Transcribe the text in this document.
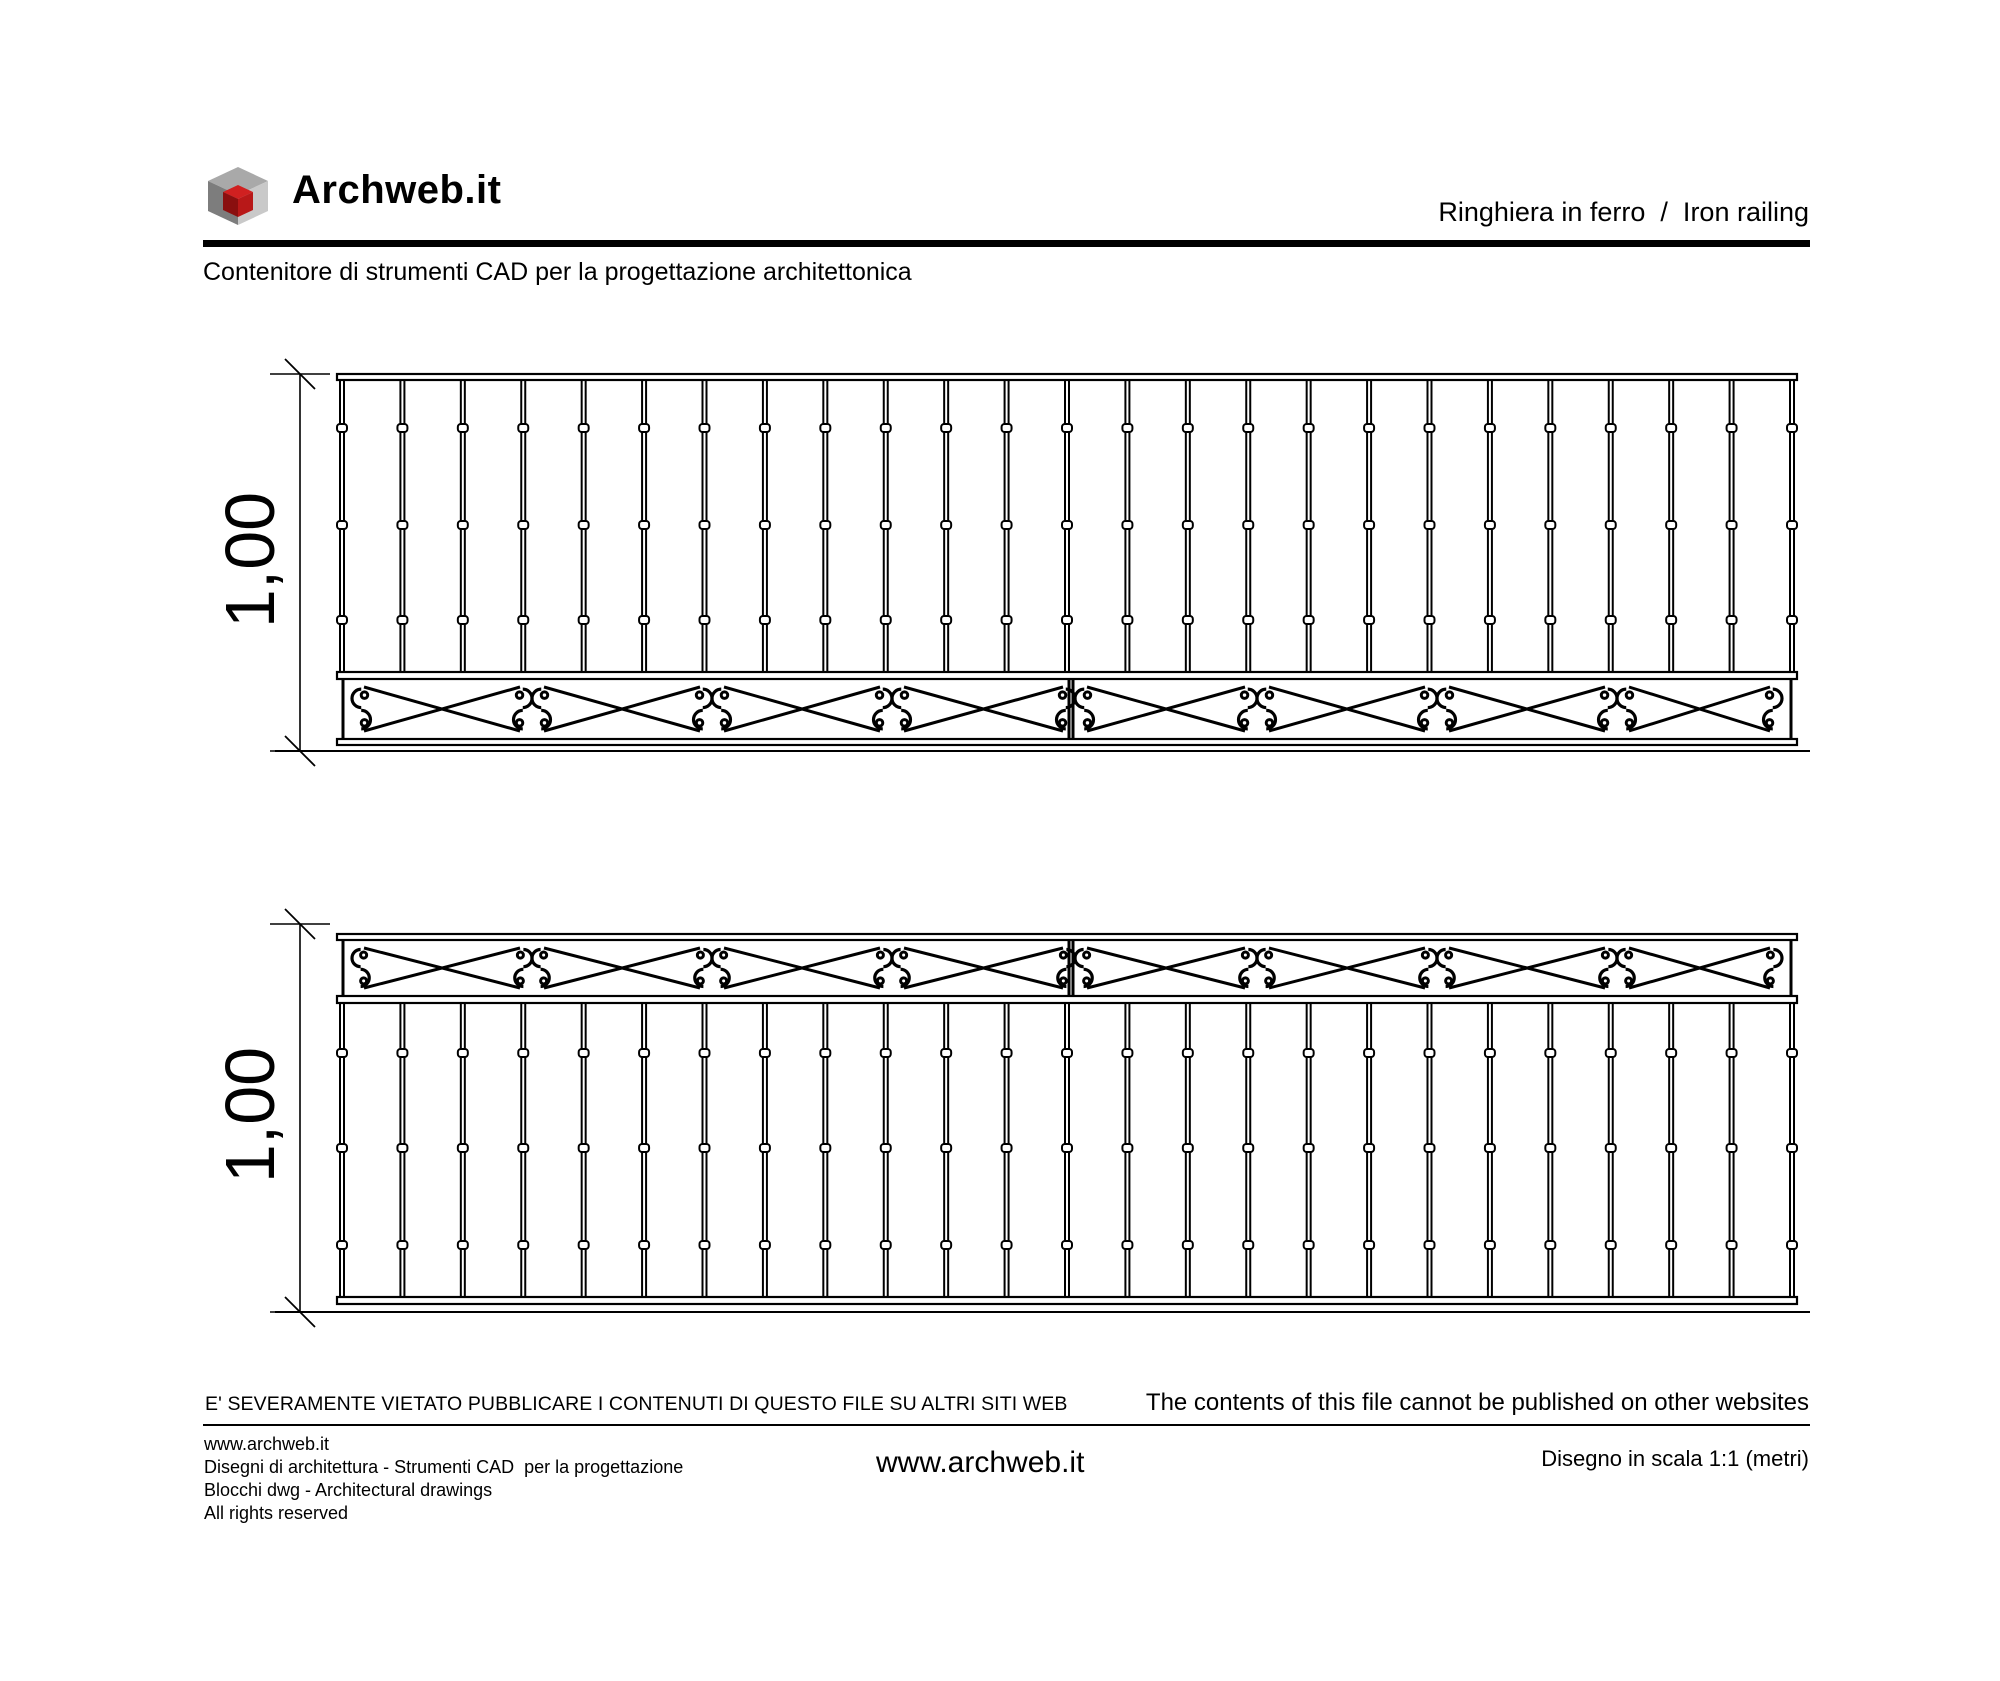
Archweb.it	Ringhiera in ferro  /  Iron railing
Contenitore di strumenti CAD per la progettazione architettonica
1,00
1,00
E' SEVERAMENTE VIETATO PUBBLICARE I CONTENUTI DI QUESTO FILE SU ALTRI SITI WEB	The contents of this file cannot be published on other websites
www.archweb.it
Disegni di architettura - Strumenti CAD  per la progettazione
Blocchi dwg - Architectural drawings
All rights reserved
www.archweb.it	Disegno in scala 1:1 (metri)
